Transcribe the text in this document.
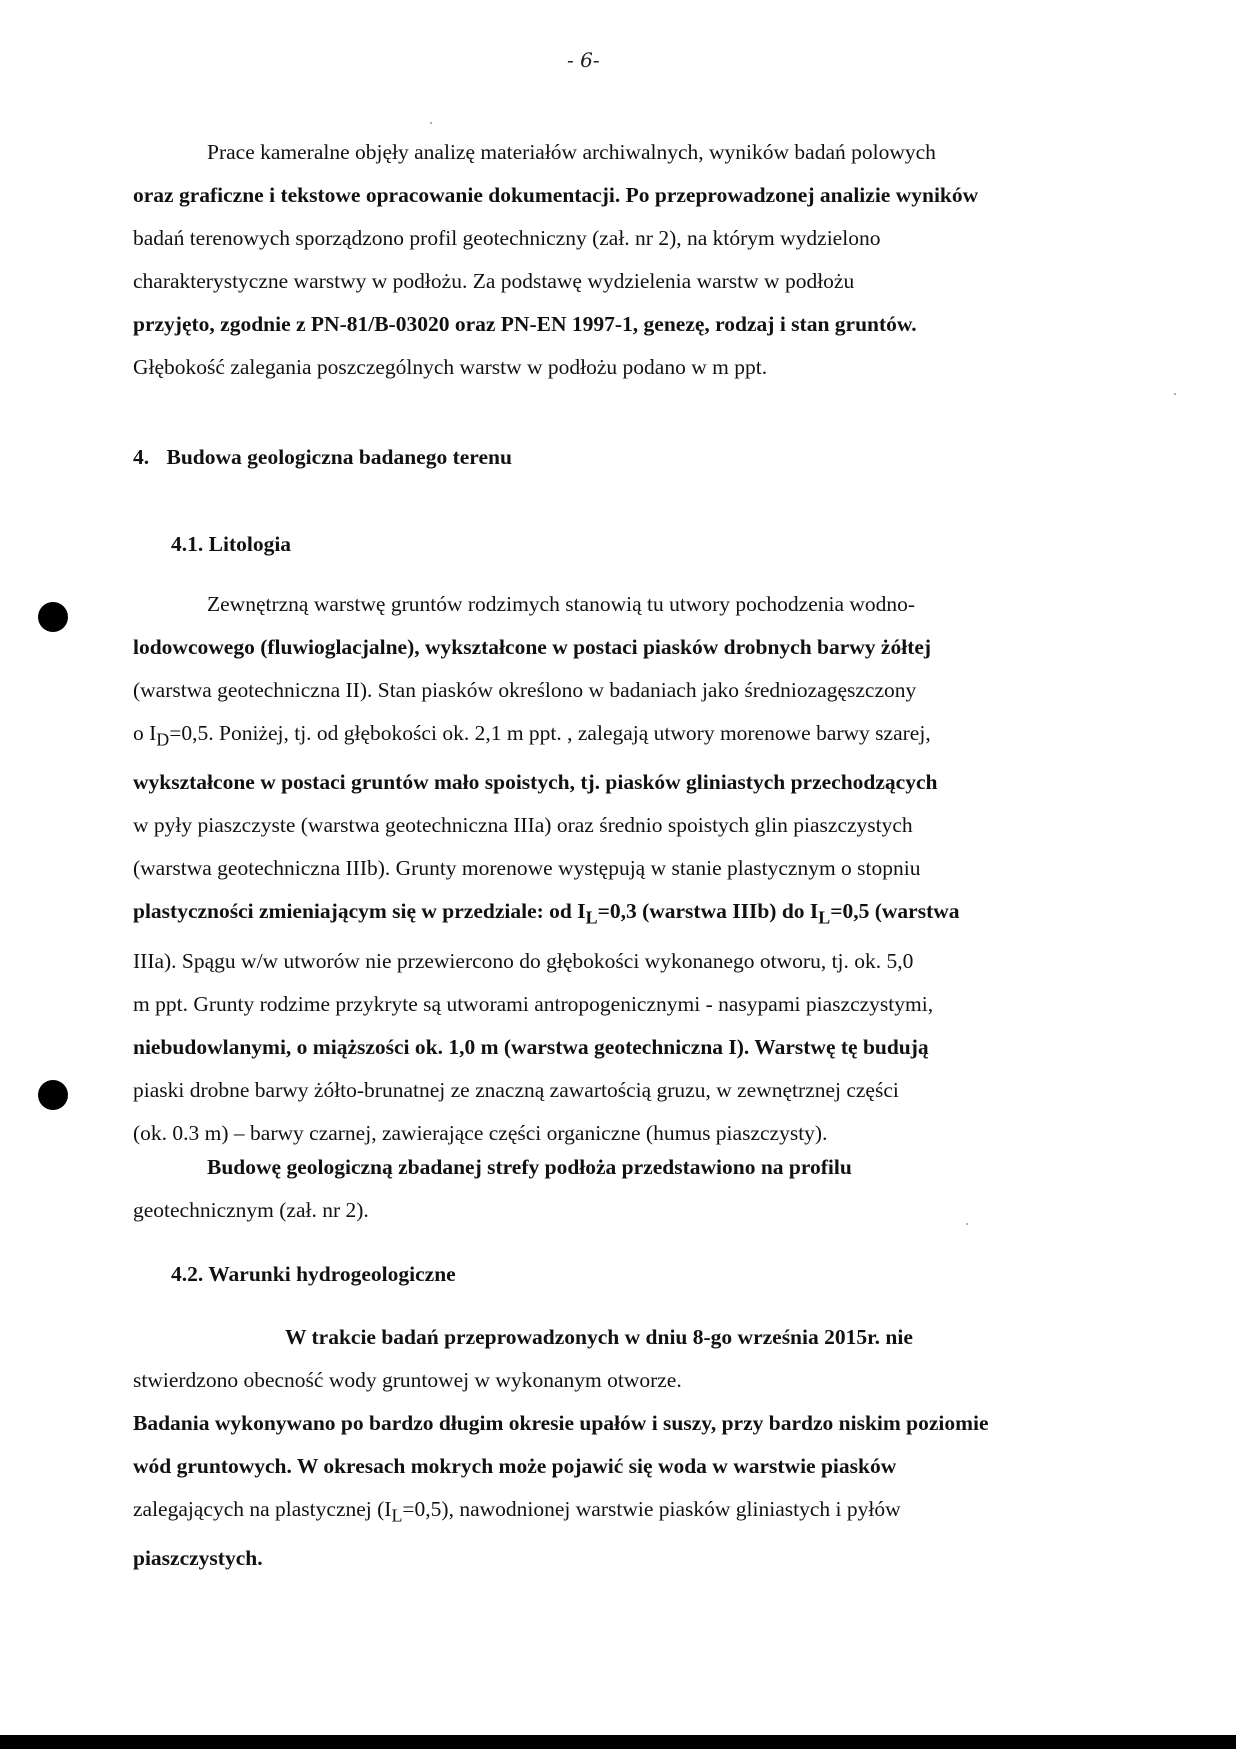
- 6-

Prace kameralne objęły analizę materiałów archiwalnych, wyników badań polowych

oraz graficzne i tekstowe opracowanie dokumentacji. Po przeprowadzonej analizie wyników

badań terenowych sporządzono profil geotechniczny (zał. nr 2), na którym wydzielono

charakterystyczne warstwy w podłożu. Za podstawę wydzielenia warstw w podłożu

przyjęto, zgodnie z PN-81/B-03020 oraz PN-EN 1997-1, genezę, rodzaj i stan gruntów.

Głębokość zalegania poszczególnych warstw w podłożu podano w m ppt.

4. Budowa geologiczna badanego terenu
4.1. Litologia

Zewnętrzną warstwę gruntów rodzimych stanowią tu utwory pochodzenia wodno-

lodowcowego (fluwioglacjalne), wykształcone w postaci piasków drobnych barwy żółtej

(warstwa geotechniczna II). Stan piasków określono w badaniach jako średniozagęszczony

o $I_D=0,5$. Poniżej, tj. od głębokości ok. 2,1 m ppt. , zalegają utwory morenowe barwy szarej,

wykształcone w postaci gruntów mało spoistych, tj. piasków gliniastych przechodzących

w pyły piaszczyste (warstwa geotechniczna IIIa) oraz średnio spoistych glin piaszczystych

(warstwa geotechniczna IIIb). Grunty morenowe występują w stanie plastycznym o stopniu

plastyczności zmieniającym się w przedziale: od $I_L=0,3$ (warstwa IIIb) do $I_L=0,5$ (warstwa

IIIa). Spągu w/w utworów nie przewiercono do głębokości wykonanego otworu, tj. ok. 5,0

m ppt. Grunty rodzime przykryte są utworami antropogenicznymi - nasypami piaszczystymi,

niebudowlanymi, o miąższości ok. 1,0 m (warstwa geotechniczna I). Warstwę tę budują

piaski drobne barwy żółto-brunatnej ze znaczną zawartością gruzu, w zewnętrznej części

(ok. 0.3 m) – barwy czarnej, zawierające części organiczne (humus piaszczysty).

Budowę geologiczną zbadanej strefy podłoża przedstawiono na profilu

geotechnicznym (zał. nr 2).

4.2. Warunki hydrogeologiczne

W trakcie badań przeprowadzonych w dniu 8-go września 2015r. nie

stwierdzono obecność wody gruntowej w wykonanym otworze.

Badania wykonywano po bardzo długim okresie upałów i suszy, przy bardzo niskim poziomie

wód gruntowych. W okresach mokrych może pojawić się woda w warstwie piasków

zalegających na plastycznej $(I_L=0,5)$, nawodnionej warstwie piasków gliniastych i pyłów

piaszczystych.
